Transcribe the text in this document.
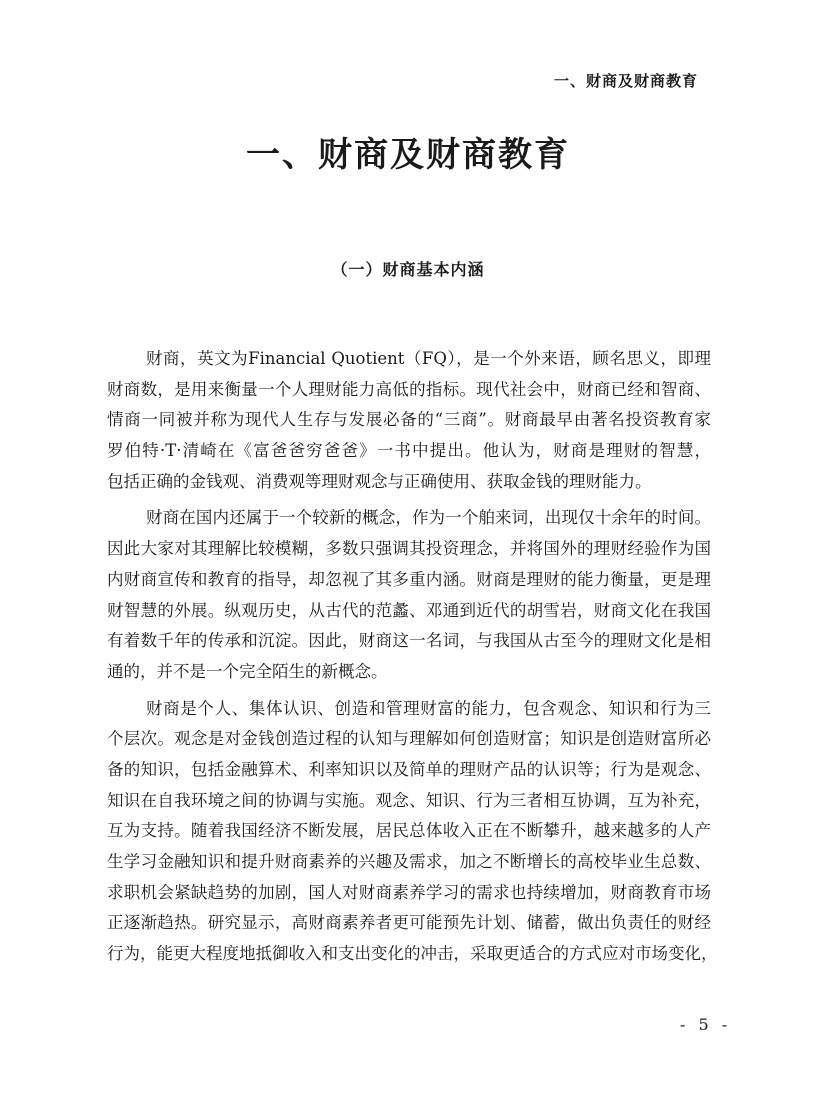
一、财商及财商教育
一、财商及财商教育
（一）财商基本内涵
财商，英文为Financial Quotient（FQ），是一个外来语，顾名思义，即理
财商数，是用来衡量一个人理财能力高低的指标。现代社会中，财商已经和智商、
情商一同被并称为现代人生存与发展必备的“三商”。财商最早由著名投资教育家
罗伯特·T·清崎在《富爸爸穷爸爸》一书中提出。他认为，财商是理财的智慧，
包括正确的金钱观、消费观等理财观念与正确使用、获取金钱的理财能力。
财商在国内还属于一个较新的概念，作为一个舶来词，出现仅十余年的时间。
因此大家对其理解比较模糊，多数只强调其投资理念，并将国外的理财经验作为国
内财商宣传和教育的指导，却忽视了其多重内涵。财商是理财的能力衡量，更是理
财智慧的外展。纵观历史，从古代的范蠡、邓通到近代的胡雪岩，财商文化在我国
有着数千年的传承和沉淀。因此，财商这一名词，与我国从古至今的理财文化是相
通的，并不是一个完全陌生的新概念。
财商是个人、集体认识、创造和管理财富的能力，包含观念、知识和行为三
个层次。观念是对金钱创造过程的认知与理解如何创造财富；知识是创造财富所必
备的知识，包括金融算术、利率知识以及简单的理财产品的认识等；行为是观念、
知识在自我环境之间的协调与实施。观念、知识、行为三者相互协调，互为补充，
互为支持。随着我国经济不断发展，居民总体收入正在不断攀升，越来越多的人产
生学习金融知识和提升财商素养的兴趣及需求，加之不断增长的高校毕业生总数、
求职机会紧缺趋势的加剧，国人对财商素养学习的需求也持续增加，财商教育市场
正逐渐趋热。研究显示，高财商素养者更可能预先计划、储蓄，做出负责任的财经
行为，能更大程度地抵御收入和支出变化的冲击，采取更适合的方式应对市场变化，
- 5 -
